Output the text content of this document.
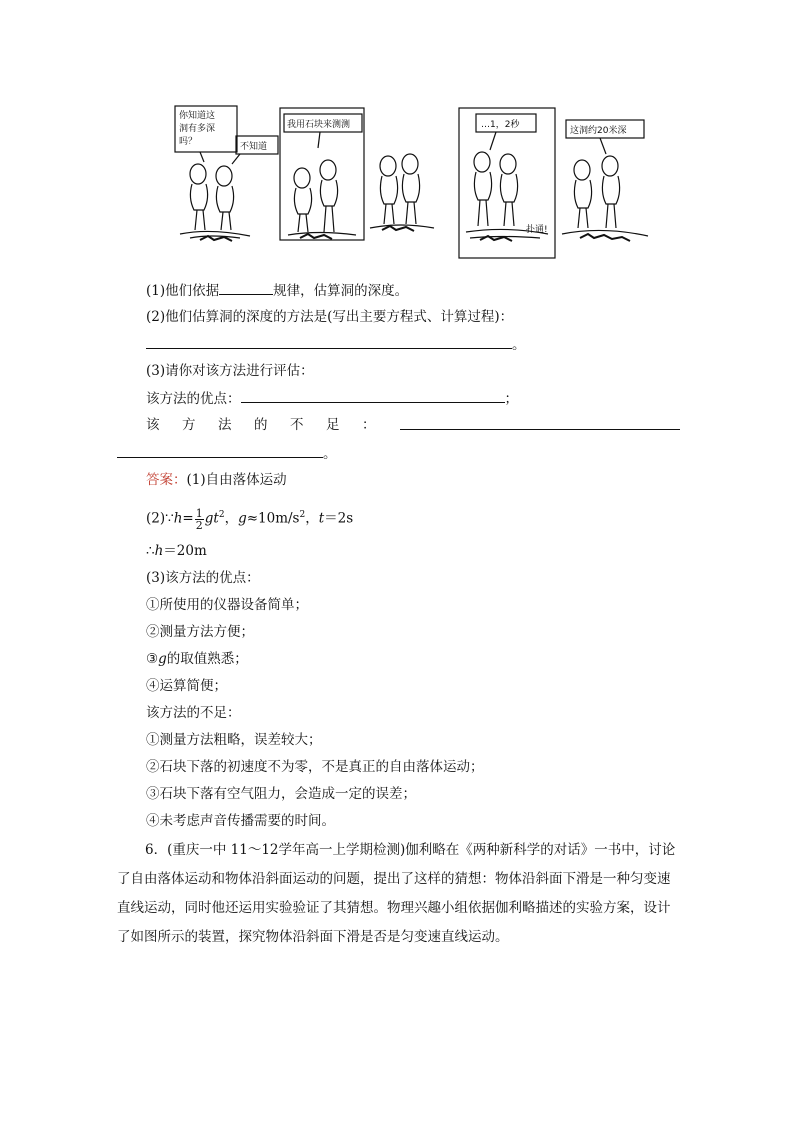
你知道这
洞有多深
吗？	不知道
我用石块来测测	…1，2秒
这洞约20米深
扑通!
(1)他们依据	规律，估算洞的深度。
(2)他们估算洞的深度的方法是(写出主要方程式、计算过程)：
。
(3)请你对该方法进行评估：
该方法的优点：	；
该 方 法 的 不 足 ：
。
答案：(1)自由落体运动
(2)∵h= $\frac{1}{2} gt^2$，$g\approx 10m/s^2$，t＝2s
∴h＝20m
(3)该方法的优点：
①所使用的仪器设备简单；
②测量方法方便；
③g的取值熟悉；
④运算简便；
该方法的不足：
①测量方法粗略，误差较大；
②石块下落的初速度不为零，不是真正的自由落体运动；
③石块下落有空气阻力，会造成一定的误差；
④未考虑声音传播需要的时间。
6．(重庆一中 11～12学年高一上学期检测)伽利略在《两种新科学的对话》一书中，讨论了自由落体运动和物体沿斜面运动的问题，提出了这样的猜想：物体沿斜面下滑是一种匀变速直线运动，同时他还运用实验验证了其猜想。物理兴趣小组依据伽利略描述的实验方案，设计了如图所示的装置，探究物体沿斜面下滑是否是匀变速直线运动。
